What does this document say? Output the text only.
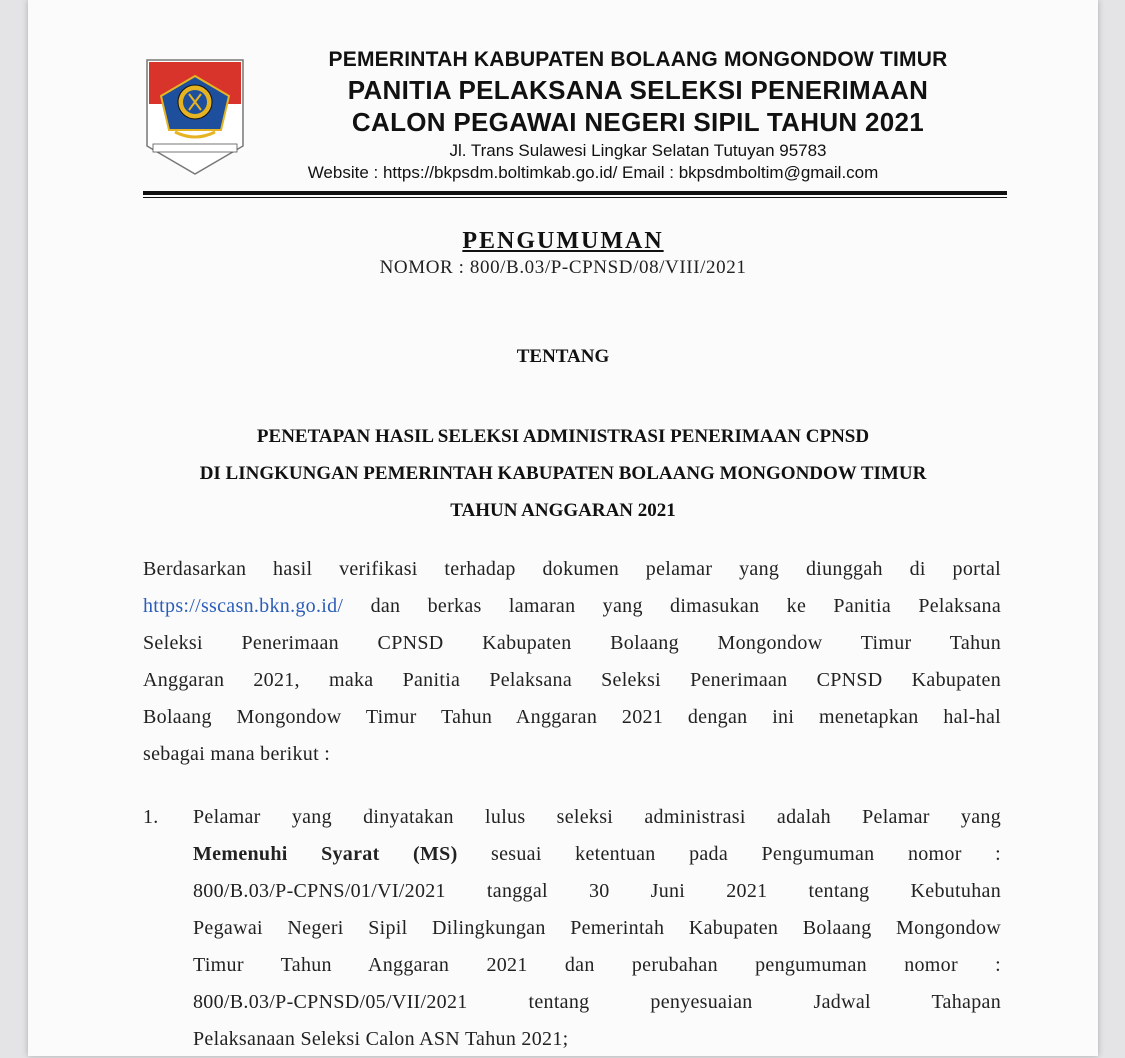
PEMERINTAH KABUPATEN BOLAANG MONGONDOW TIMUR
PANITIA PELAKSANA SELEKSI PENERIMAAN
CALON PEGAWAI NEGERI SIPIL TAHUN 2021
Jl. Trans Sulawesi Lingkar Selatan Tutuyan 95783
Website : https://bkpsdm.boltimkab.go.id/ Email : bkpsdmboltim@gmail.com
PENGUMUMAN
NOMOR : 800/B.03/P-CPNSD/08/VIII/2021
TENTANG
PENETAPAN HASIL SELEKSI ADMINISTRASI PENERIMAAN CPNSD
DI LINGKUNGAN PEMERINTAH KABUPATEN BOLAANG MONGONDOW TIMUR
TAHUN ANGGARAN 2021
Berdasarkan hasil verifikasi terhadap dokumen pelamar yang diunggah di portal
https://sscasn.bkn.go.id/ dan berkas lamaran yang dimasukan ke Panitia Pelaksana
Seleksi Penerimaan CPNSD Kabupaten Bolaang Mongondow Timur Tahun
Anggaran 2021, maka Panitia Pelaksana Seleksi Penerimaan CPNSD Kabupaten
Bolaang Mongondow Timur Tahun Anggaran 2021 dengan ini menetapkan hal-hal
sebagai mana berikut :
1. Pelamar yang dinyatakan lulus seleksi administrasi adalah Pelamar yang
Memenuhi Syarat (MS) sesuai ketentuan pada Pengumuman nomor :
800/B.03/P-CPNS/01/VI/2021 tanggal 30 Juni 2021 tentang Kebutuhan
Pegawai Negeri Sipil Dilingkungan Pemerintah Kabupaten Bolaang Mongondow
Timur Tahun Anggaran 2021 dan perubahan pengumuman nomor :
800/B.03/P-CPNSD/05/VII/2021 tentang penyesuaian Jadwal Tahapan
Pelaksanaan Seleksi Calon ASN Tahun 2021;
